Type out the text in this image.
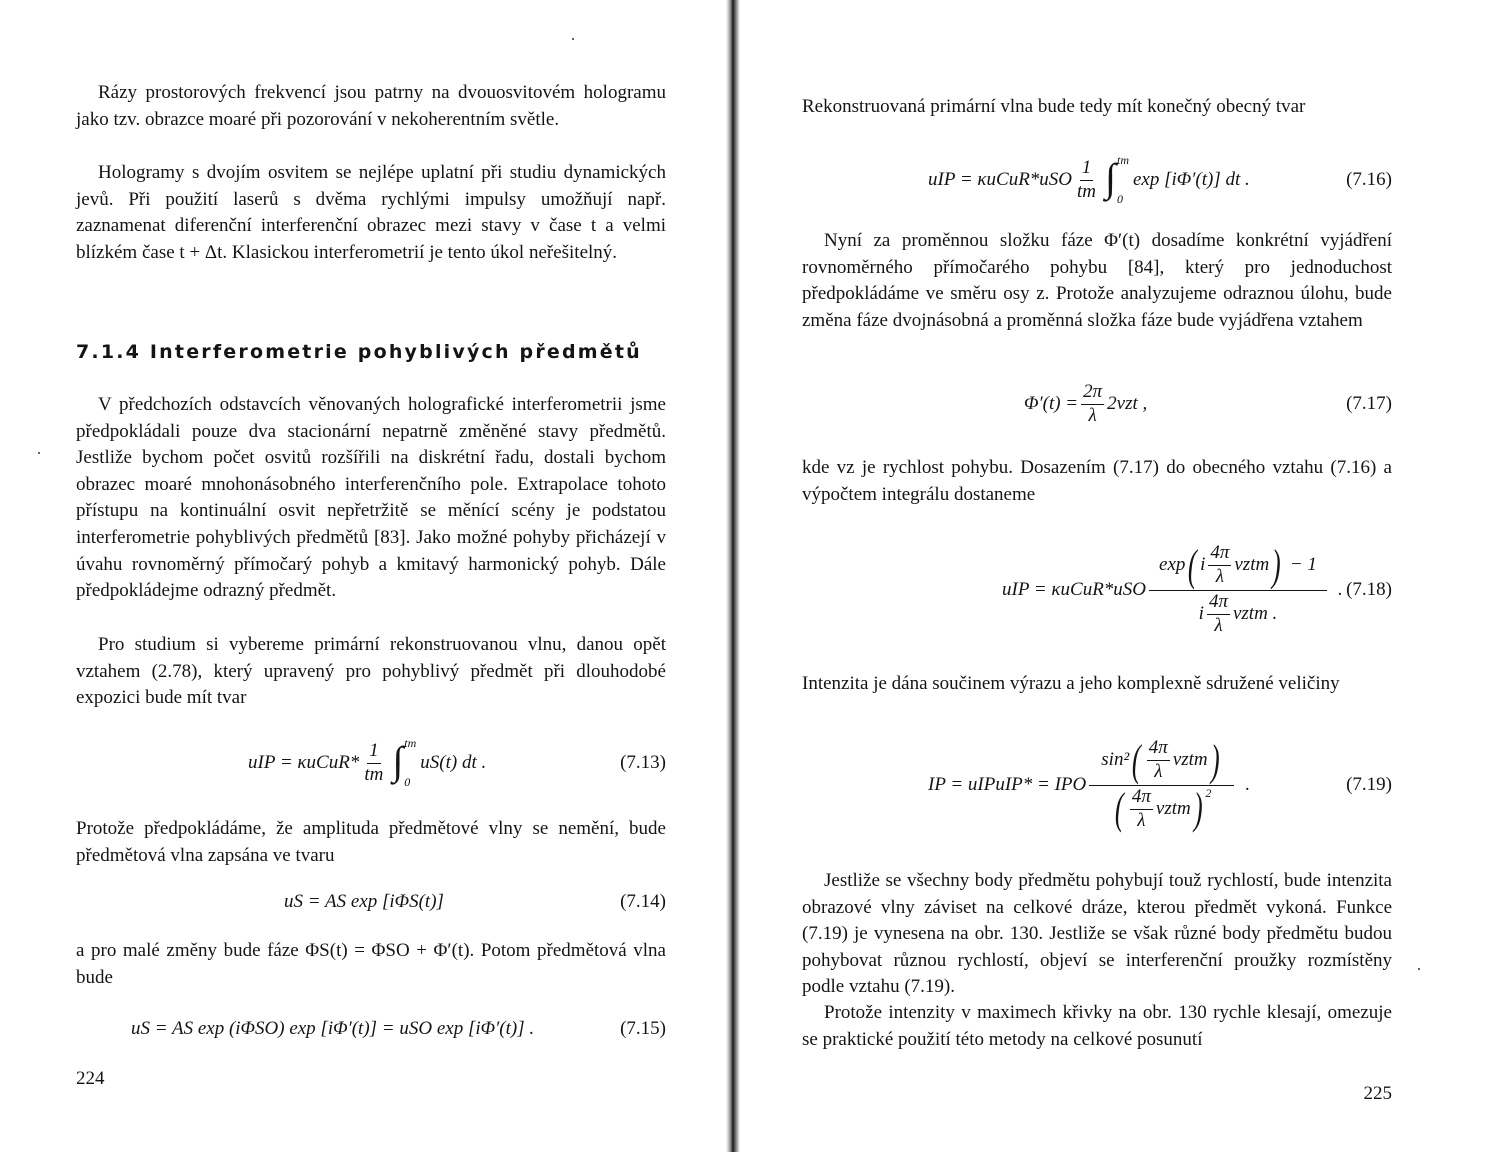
Rázy prostorových frekvencí jsou patrny na dvouosvitovém hologramu jako tzv. obrazce moaré při pozorování v nekoherentním světle.
Hologramy s dvojím osvitem se nejlépe uplatní při studiu dynamických jevů. Při použití laserů s dvěma rychlými impulsy umožňují např. zaznamenat diferenční interferenční obrazec mezi stavy v čase t a velmi blízkém čase t + Δt. Klasickou interferometrií je tento úkol neřešitelný.
7.1.4 Interferometrie pohyblivých předmětů
V předchozích odstavcích věnovaných holografické interferometrii jsme předpokládali pouze dva stacionární nepatrně změněné stavy předmětů. Jestliže bychom počet osvitů rozšířili na diskrétní řadu, dostali bychom obrazec moaré mnohonásobného interferenčního pole. Extrapolace tohoto přístupu na kontinuální osvit nepřetržitě se měnící scény je podstatou interferometrie pohyblivých předmětů [83]. Jako možné pohyby přicházejí v úvahu rovnoměrný přímočarý pohyb a kmitavý harmonický pohyb. Dále předpokládejme odrazný předmět.
Pro studium si vybereme primární rekonstruovanou vlnu, danou opět vztahem (2.78), který upravený pro pohyblivý předmět při dlouhodobé expozici bude mít tvar
uIP = κuCuR* $\frac{1}{tm}$ ∫ tm
0
uS(t) dt .	(7.13)
Protože předpokládáme, že amplituda předmětové vlny se nemění, bude předmětová vlna zapsána ve tvaru
uS = AS exp [iΦS(t)]	(7.14)
a pro malé změny bude fáze ΦS(t) = ΦSO + Φ′(t). Potom předmětová vlna bude
uS = AS exp (iΦSO) exp [iΦ′(t)] = uSO exp [iΦ′(t)] .	(7.15)
224
Rekonstruovaná primární vlna bude tedy mít konečný obecný tvar
uIP = κuCuR*uSO $\frac{1}{tm}$ ∫ tm
0
exp [iΦ′(t)] dt .	(7.16)
Nyní za proměnnou složku fáze Φ′(t) dosadíme konkrétní vyjádření rovnoměrného přímočarého pohybu [84], který pro jednoduchost předpokládáme ve směru osy z. Protože analyzujeme odraznou úlohu, bude změna fáze dvojnásobná a proměnná složka fáze bude vyjádřena vztahem
$\Phi'(t) = \frac{2\pi}{\lambda} 2vzt$ ,	(7.17)
kde vz je rychlost pohybu. Dosazením (7.17) do obecného vztahu (7.16) a výpočtem integrálu dostaneme
uIP = κuCuR*uSO
exp ( i $\frac{4\pi}{\lambda}$ vztm ) − 1
i $\frac{4\pi}{\lambda}$ vztm .
. (7.18)
Intenzita je dána součinem výrazu a jeho komplexně sdružené veličiny
IP = uIPuIP* = IPO $\frac{\sin^2 ( \frac{4\pi}{\lambda} vztm )}{( \frac{4\pi}{\lambda} vztm )^2}$ .	(7.19)
Jestliže se všechny body předmětu pohybují touž rychlostí, bude intenzita obrazové vlny záviset na celkové dráze, kterou předmět vykoná. Funkce (7.19) je vynesena na obr. 130. Jestliže se však různé body předmětu budou pohybovat různou rychlostí, objeví se interferenční proužky rozmístěny podle vztahu (7.19).
Protože intenzity v maximech křivky na obr. 130 rychle klesají, omezuje se praktické použití této metody na celkové posunutí
225
